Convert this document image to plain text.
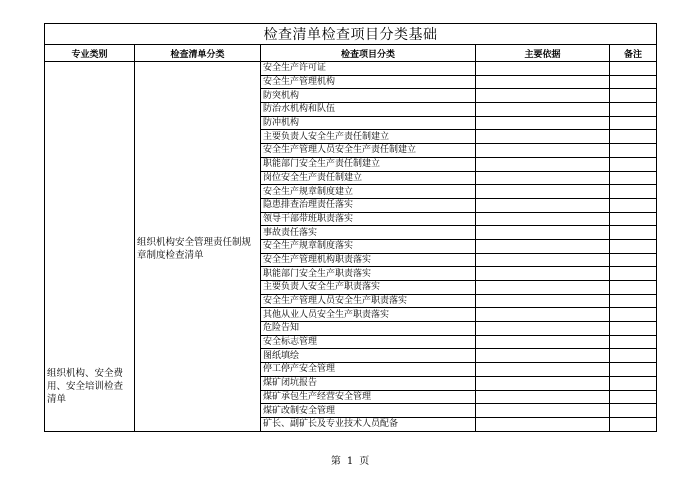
检查清单检查项目分类基础				
专业类别	检查清单分类	检查项目分类	主要依据	备注
组织机构、安全费用、安全培训检查清单	组织机构安全管理责任制规章制度检查清单	安全生产许可证		
		安全生产管理机构		
		防突机构		
		防治水机构和队伍		
		防冲机构		
		主要负责人安全生产责任制建立		
		安全生产管理人员安全生产责任制建立		
		职能部门安全生产责任制建立		
		岗位安全生产责任制建立		
		安全生产规章制度建立		
		隐患排查治理责任落实		
		领导干部带班职责落实		
		事故责任落实		
		安全生产规章制度落实		
		安全生产管理机构职责落实		
		职能部门安全生产职责落实		
		主要负责人安全生产职责落实		
		安全生产管理人员安全生产职责落实		
		其他从业人员安全生产职责落实		
		危险告知		
		安全标志管理		
		图纸填绘		
		停工停产安全管理		
		煤矿闭坑报告		
		煤矿承包生产经营安全管理		
		煤矿改制安全管理		
		矿长、副矿长及专业技术人员配备		
第 1 页
